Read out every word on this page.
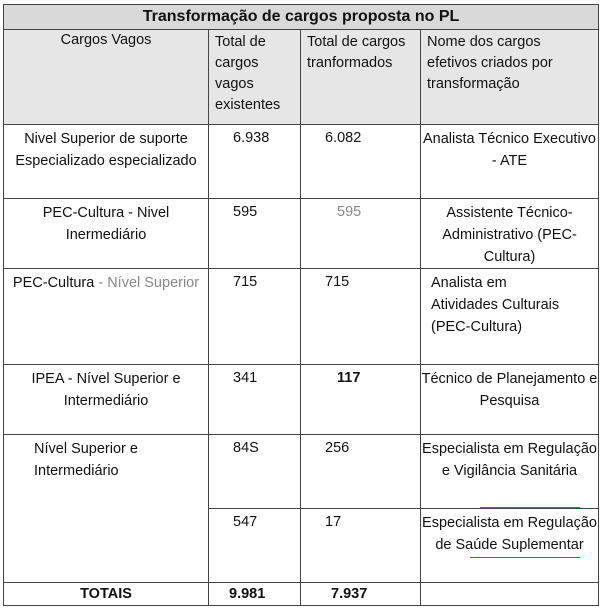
Transformação de cargos proposta no PL			
Cargos Vagos	Total de cargos vagos existentes	Total de cargos tranformados	Nome dos cargos efetivos criados por transformação
Nivel Superior de suporte Especializado especializado	6.938	6.082	Analista Técnico Executivo - ATE
PEC-Cultura - Nivel Inermediário	595	595	Assistente Técnico-Administrativo (PEC-Cultura)
PEC-Cultura - Nível Superior	715	715	Analista em Atividades Culturais (PEC-Cultura)
IPEA - Nível Superior e Intermediário	341	117	Técnico de Planejamento e Pesquisa
Nível Superior e Intermediário	84S	256	Especialista em Regulação e Vigilância Sanitária
	547	17	Especialista em Regulação de Saúde Suplementar
TOTAIS	9.981	7.937	
